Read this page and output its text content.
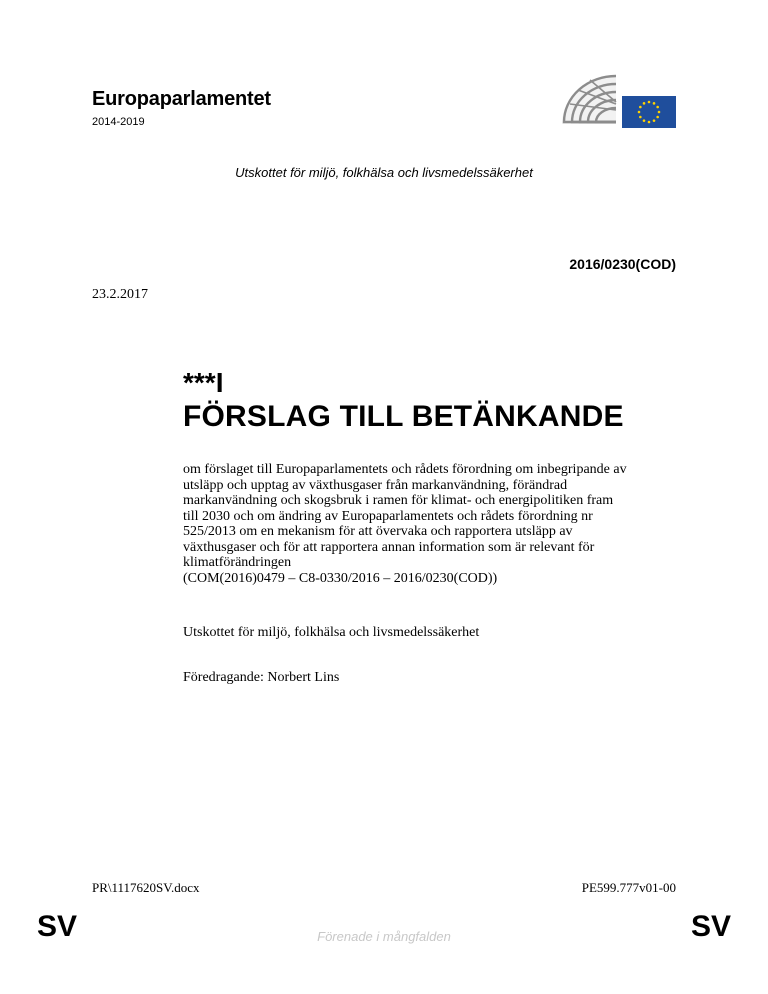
Europaparlamentet
2014-2019
Utskottet för miljö, folkhälsa och livsmedelssäkerhet
2016/0230(COD)
23.2.2017
***I
FÖRSLAG TILL BETÄNKANDE
om förslaget till Europaparlamentets och rådets förordning om inbegripande av
utsläpp och upptag av växthusgaser från markanvändning, förändrad
markanvändning och skogsbruk i ramen för klimat- och energipolitiken fram
till 2030 och om ändring av Europaparlamentets och rådets förordning nr
525/2013 om en mekanism för att övervaka och rapportera utsläpp av
växthusgaser och för att rapportera annan information som är relevant för
klimatförändringen
(COM(2016)0479 – C8-0330/2016 – 2016/0230(COD))
Utskottet för miljö, folkhälsa och livsmedelssäkerhet
Föredragande: Norbert Lins
PR\1117620SV.docx	PE599.777v01-00
SV	SV
Förenade i mångfalden
